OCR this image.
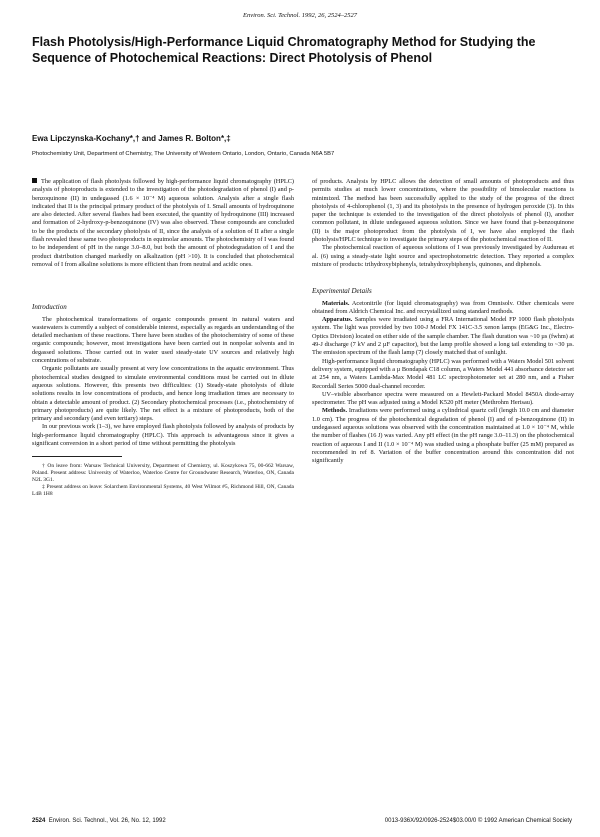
Environ. Sci. Technol. 1992, 26, 2524–2527
Flash Photolysis/High-Performance Liquid Chromatography Method for Studying the Sequence of Photochemical Reactions: Direct Photolysis of Phenol
Ewa Lipczynska-Kochany*,† and James R. Bolton*,‡
Photochemistry Unit, Department of Chemistry, The University of Western Ontario, London, Ontario, Canada N6A 5B7

The application of flash photolysis followed by high-performance liquid chromatography (HPLC) analysis of photoproducts is extended to the investigation of the photodegradation of phenol (I) and p-benzoquinone (II) in undegassed (1.6 × 10⁻⁴ M) aqueous solution. Analysis after a single flash indicated that II is the principal primary product of the photolysis of I. Small amounts of hydroquinone are also detected. After several flashes had been executed, the quantity of hydroquinone (III) increased and formation of 2-hydroxy-p-benzoquinone (IV) was also observed. These compounds are concluded to be the products of the secondary photolysis of II, since the analysis of a solution of II after a single flash revealed these same two photoproducts in equimolar amounts. The photochemistry of I was found to be independent of pH in the range 3.0–8.0, but both the amount of photodegradation of I and the product distribution changed markedly on alkalization (pH >10). It is concluded that photochemical removal of I from alkaline solutions is more efficient than from neutral and acidic ones.

Introduction

The photochemical transformations of organic compounds present in natural waters and wastewaters is currently a subject of considerable interest, especially as regards an understanding of the detailed mechanism of these reactions. There have been studies of the photochemistry of some of these organic compounds; however, most investigations have been carried out in nonpolar solvents and in degassed solutions. Those carried out in water used steady-state UV sources and relatively high concentrations of substrate.

Organic pollutants are usually present at very low concentrations in the aquatic environment. Thus photochemical studies designed to simulate environmental conditions must be carried out in dilute aqueous solutions. However, this presents two difficulties: (1) Steady-state photolysis of dilute solutions results in low concentrations of products, and hence long irradiation times are necessary to obtain a detectable amount of product. (2) Secondary photochemical processes (i.e., photochemistry of primary photoproducts) are quite likely. The net effect is a mixture of photoproducts, both of the primary and secondary (and even tertiary) steps.

In our previous work (1–3), we have employed flash photolysis followed by analysis of products by high-performance liquid chromatography (HPLC). This approach is advantageous since it gives a significant conversion in a short period of time without permitting the photolysis

† On leave from: Warsaw Technical University, Department of Chemistry, ul. Koszykowa 75, 00-662 Warsaw, Poland. Present address: University of Waterloo, Waterloo Centre for Groundwater Research, Waterloo, ON, Canada N2L 3G1.

‡ Present address on leave: Solarchem Environmental Systems, 40 West Wilmot #5, Richmond Hill, ON, Canada L4B 1H8

of products. Analysis by HPLC allows the detection of small amounts of photoproducts and thus permits studies at much lower concentrations, where the possibility of bimolecular reactions is minimized. The method has been successfully applied to the study of the progress of the direct photolysis of 4-chlorophenol (1, 3) and its photolysis in the presence of hydrogen peroxide (3). In this paper the technique is extended to the investigation of the direct photolysis of phenol (I), another common pollutant, in dilute undegassed aqueous solution. Since we have found that p-benzoquinone (II) is the major photoproduct from the photolysis of I, we have also employed the flash photolysis/HPLC technique to investigate the primary steps of the photochemical reaction of II.

The photochemical reaction of aqueous solutions of I was previously investigated by Audureau et al. (6) using a steady-state light source and spectrophotometric detection. They reported a complex mixture of products: trihydroxybiphenyls, tetrahydroxybiphenyls, quinones, and diphenols.

Experimental Details

Materials. Acetonitrile (for liquid chromatography) was from Omnisolv. Other chemicals were obtained from Aldrich Chemical Inc. and recrystallized using standard methods.

Apparatus. Samples were irradiated using a FRA International Model FP 1000 flash photolysis system. The light was provided by two 100-J Model FX 141C-3.5 xenon lamps (EG&G Inc., Electro-Optics Division) located on either side of the sample chamber. The flash duration was ~10 µs (fwhm) at 49-J discharge (7 kV and 2 µF capacitor), but the lamp profile showed a long tail extending to ~30 µs. The emission spectrum of the flash lamp (7) closely matched that of sunlight.

High-performance liquid chromatography (HPLC) was performed with a Waters Model 501 solvent delivery system, equipped with a µ Bondapak C18 column, a Waters Model 441 absorbance detector set at 254 nm, a Waters Lambda-Max Model 481 LC spectrophotometer set at 280 nm, and a Fisher Recordall Series 5000 dual-channel recorder.

UV–visible absorbance spectra were measured on a Hewlett-Packard Model 8450A diode-array spectrometer. The pH was adjusted using a Model K520 pH meter (Methrohm Herisau).

Methods. Irradiations were performed using a cylindrical quartz cell (length 10.0 cm and diameter 1.0 cm). The progress of the photochemical degradation of phenol (I) and of p-benzoquinone (II) in undegassed aqueous solutions was observed with the concentration maintained at 1.0 × 10⁻⁴ M, while the number of flashes (16 J) was varied. Any pH effect (in the pH range 3.0–11.3) on the photochemical reaction of aqueous I and II (1.0 × 10⁻⁴ M) was studied using a phosphate buffer (25 mM) prepared as recommended in ref 8. Variation of the buffer concentration around this concentration did not significantly

2524 Environ. Sci. Technol., Vol. 26, No. 12, 1992	0013-936X/92/0926-2524$03.00/0 © 1992 American Chemical Society
